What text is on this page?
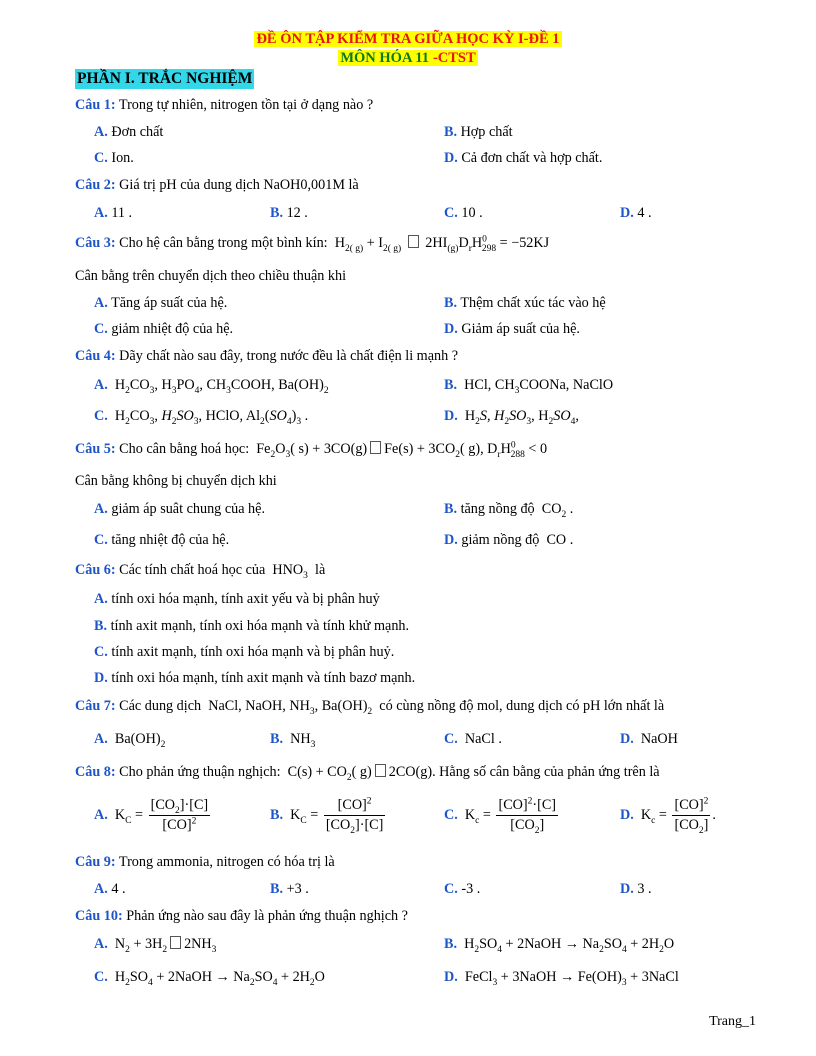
ĐỀ ÔN TẬP KIỂM TRA GIỮA HỌC KỲ I-ĐỀ 1
MÔN HÓA 11 -CTST
PHẦN I. TRẮC NGHIỆM
Câu 1: Trong tự nhiên, nitrogen tồn tại ở dạng nào ?
A. Đơn chất	B. Hợp chất
C. Ion.	D. Cả đơn chất và hợp chất.
Câu 2: Giá trị pH của dung dịch NaOH0,001M là
A. 11 .	B. 12 .	C. 10 .	D. 4 .
Câu 3: Cho hệ cân bằng trong một bình kín:  $H_{2( g)} + I_{2( g)}$  $2HI_{(g)}D_rH^0_{298} = -52KJ$
Cân bằng trên chuyển dịch theo chiều thuận khi
A. Tăng áp suất của hệ.	B. Thệm chất xúc tác vào hệ
C. giảm nhiệt độ của hệ.	D. Giảm áp suất của hệ.
Câu 4: Dãy chất nào sau đây, trong nước đều là chất điện li mạnh ?
A.  $H_2CO_3$, $H_3PO_4$, $CH_3COOH$, $Ba(OH)_2$	B.  HCl, $CH_3COONa$, NaClO
C.  $H_2CO_3$, $H_2SO_3$, HClO, $Al_2(SO_4)_3$ .	D.  $H_2S$, $H_2SO_3$, $H_2SO_4$,
Câu 5: Cho cân bằng hoá học:  $Fe_2O_3$( s) + 3CO(g) $Fe(s) + 3CO_2$( g), $D_rH^0_{288} < 0$
Cân bằng không bị chuyển dịch khi
A. giảm áp suât chung của hệ.	B. tăng nồng độ  $CO_2$ .
C. tăng nhiệt độ của hệ.	D. giảm nồng độ  CO .
Câu 6: Các tính chất hoá học của  $HNO_3$ là
A. tính oxi hóa mạnh, tính axit yếu và bị phân huỷ
B. tính axit mạnh, tính oxi hóa mạnh và tính khử mạnh.
C. tính axit mạnh, tính oxi hóa mạnh và bị phân huỷ.
D. tính oxi hóa mạnh, tính axit mạnh và tính bazơ mạnh.
Câu 7: Các dung dịch  NaCl, NaOH, $NH_3$, $Ba(OH)_2$ có cùng nồng độ mol, dung dịch có pH lớn nhất là
A.  $Ba(OH)_2$	B.  $NH_3$	C.  NaCl .	D.  NaOH
Câu 8: Cho phản ứng thuận nghịch:  $C(s) + CO_2$( g) 2CO(g). Hằng số cân bằng của phản ứng trên là
A.  $K_C = \frac{[CO_2]\cdot[C]}{[CO]^2}$	B.  $K_C = \frac{[CO]^2}{[CO_2]\cdot[C]}$	C.  $K_c = \frac{[CO]^2\cdot[C]}{[CO_2]}$	D.  $K_c = \frac{[CO]^2}{[CO_2]}$ .
Câu 9: Trong ammonia, nitrogen có hóa trị là
A. 4 .	B. +3 .	C. -3 .	D. 3 .
Câu 10: Phản ứng nào sau đây là phản ứng thuận nghịch ?
A.  $N_2 + 3H_2$ $2NH_3$	B.  $H_2SO_4$ + 2NaOH → $Na_2SO_4 + 2H_2O$
C.  $H_2SO_4$ + 2NaOH → $Na_2SO_4 + 2H_2O$	D.  FeCl$_3$ + 3NaOH → $Fe(OH)_3$ + 3NaCl
Trang_1
